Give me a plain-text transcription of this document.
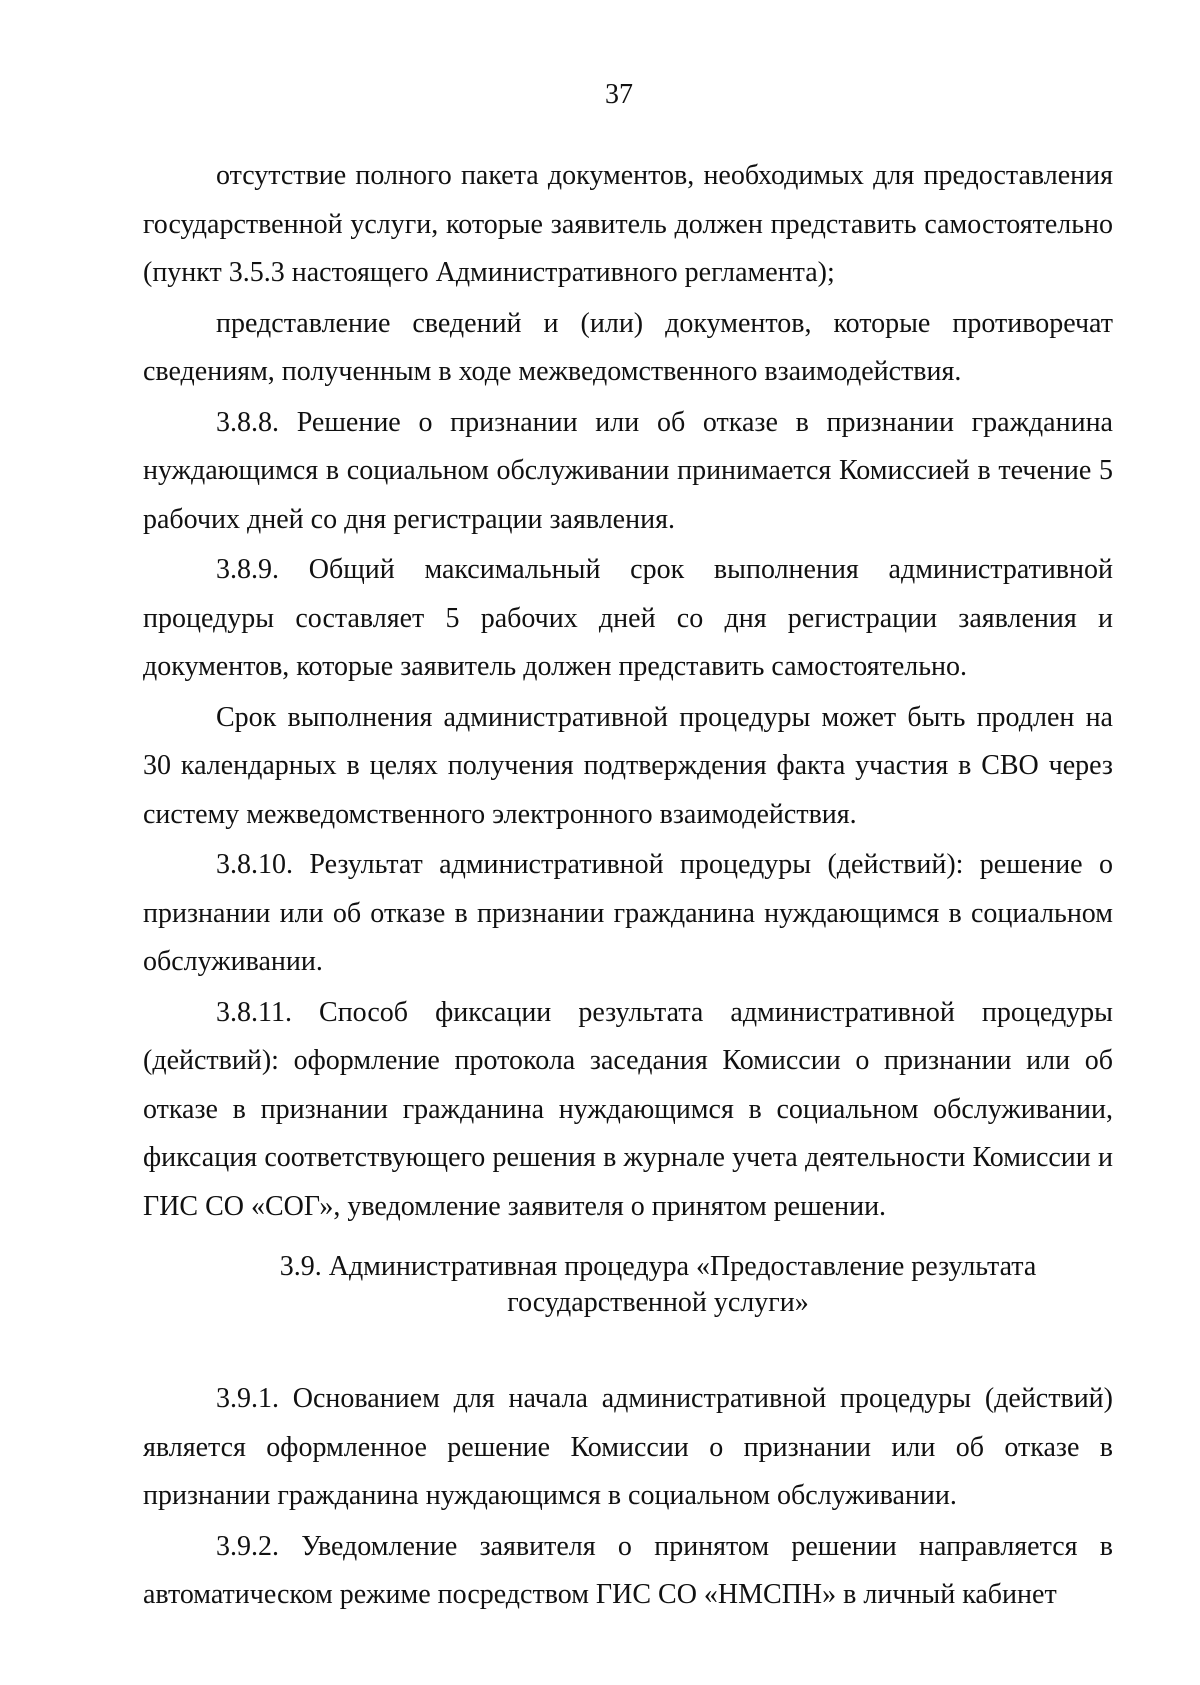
37

отсутствие полного пакета документов, необходимых для предоставления государственной услуги, которые заявитель должен представить самостоятельно (пункт 3.5.3 настоящего Административного регламента);

представление сведений и (или) документов, которые противоречат сведениям, полученным в ходе межведомственного взаимодействия.

3.8.8. Решение о признании или об отказе в признании гражданина нуждающимся в социальном обслуживании принимается Комиссией в течение 5 рабочих дней со дня регистрации заявления.

3.8.9. Общий максимальный срок выполнения административной процедуры составляет 5 рабочих дней со дня регистрации заявления и документов, которые заявитель должен представить самостоятельно.

Срок выполнения административной процедуры может быть продлен на 30 календарных в целях получения подтверждения факта участия в СВО через систему межведомственного электронного взаимодействия.

3.8.10. Результат административной процедуры (действий): решение о признании или об отказе в признании гражданина нуждающимся в социальном обслуживании.

3.8.11. Способ фиксации результата административной процедуры (действий): оформление протокола заседания Комиссии о признании или об отказе в признании гражданина нуждающимся в социальном обслуживании, фиксация соответствующего решения в журнале учета деятельности Комиссии и ГИС СО «СОГ», уведомление заявителя о принятом решении.

3.9. Административная процедура «Предоставление результата
государственной услуги»

3.9.1. Основанием для начала административной процедуры (действий) является оформленное решение Комиссии о признании или об отказе в признании гражданина нуждающимся в социальном обслуживании.

3.9.2. Уведомление заявителя о принятом решении направляется в автоматическом режиме посредством ГИС СО «НМСПН» в личный кабинет
